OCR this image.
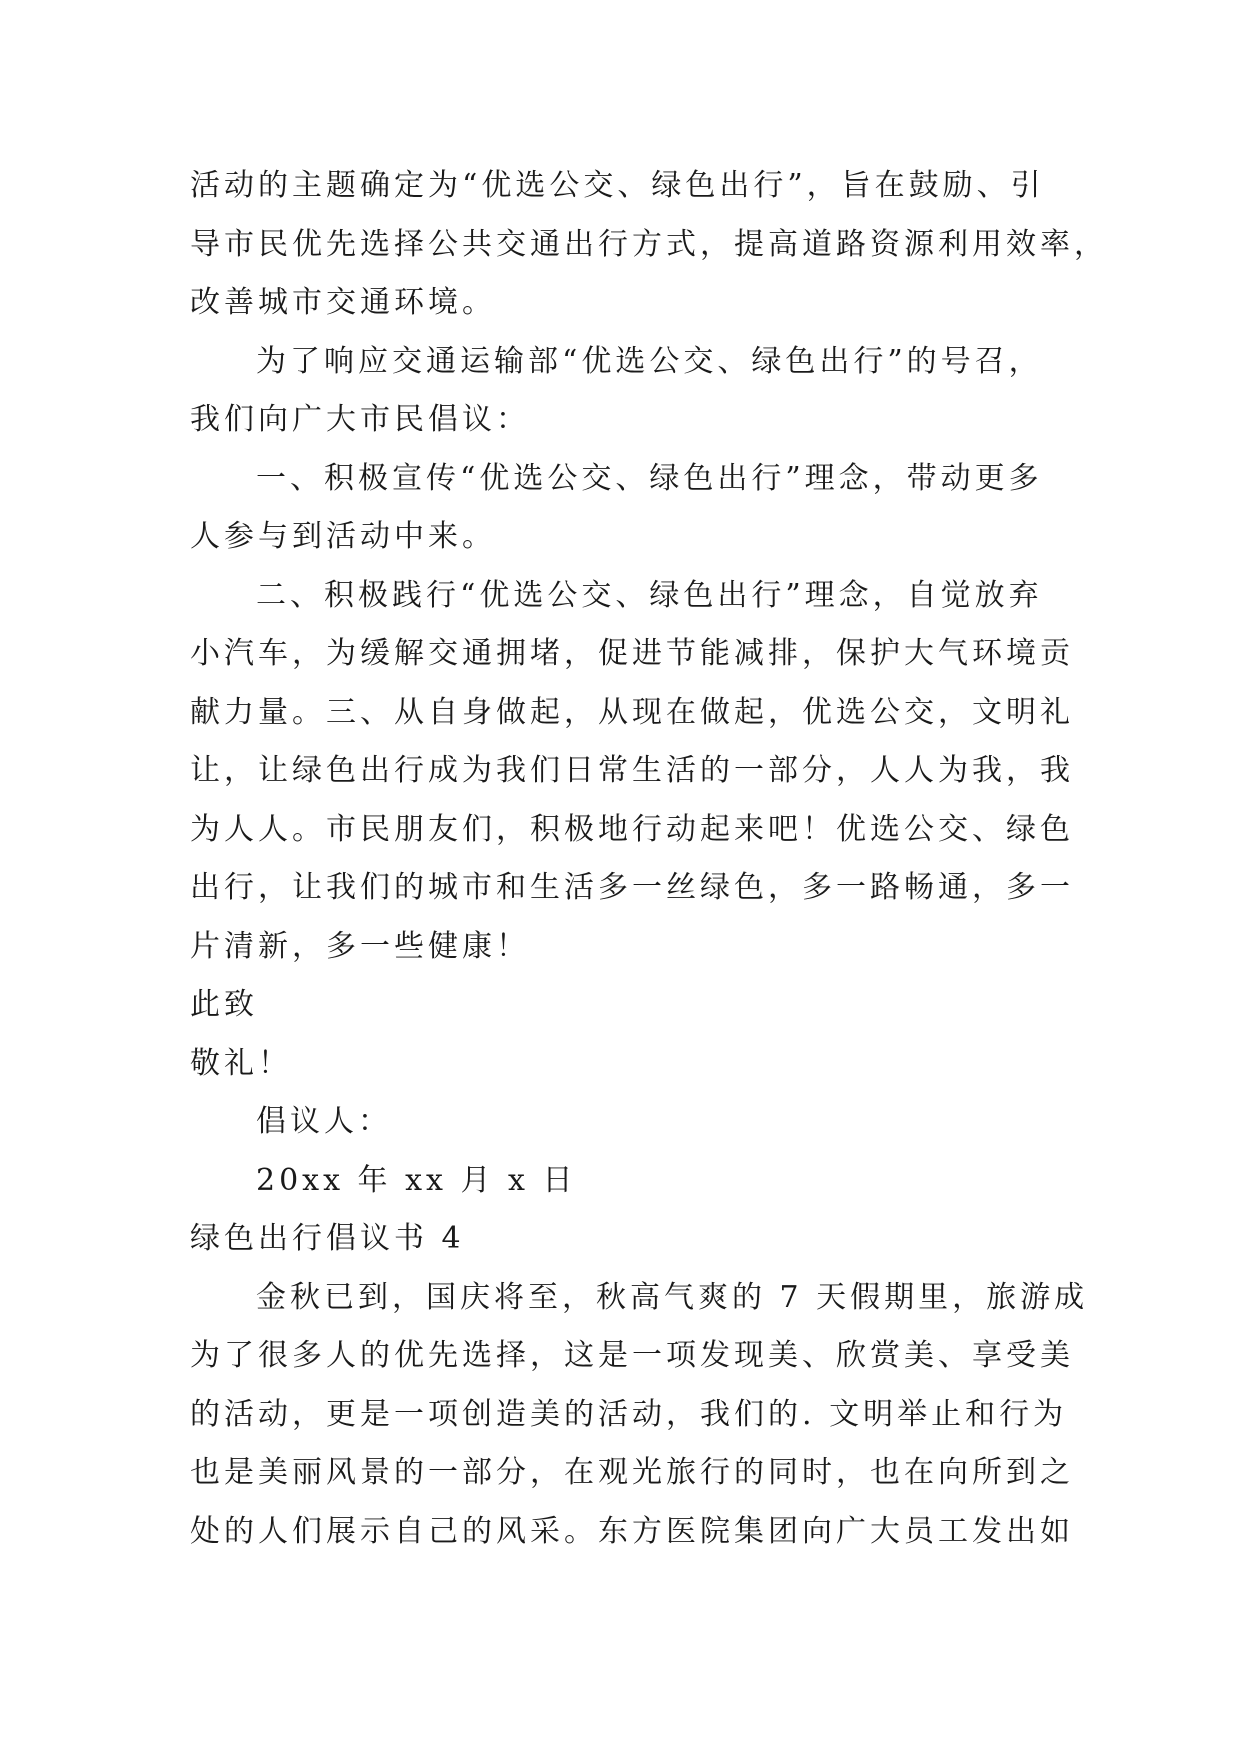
活动的主题确定为“优选公交、绿色出行”，旨在鼓励、引
导市民优先选择公共交通出行方式，提高道路资源利用效率，
改善城市交通环境。
为了响应交通运输部“优选公交、绿色出行”的号召，
我们向广大市民倡议：
一、积极宣传“优选公交、绿色出行”理念，带动更多
人参与到活动中来。
二、积极践行“优选公交、绿色出行”理念，自觉放弃
小汽车，为缓解交通拥堵，促进节能减排，保护大气环境贡
献力量。三、从自身做起，从现在做起，优选公交，文明礼
让，让绿色出行成为我们日常生活的一部分，人人为我，我
为人人。市民朋友们，积极地行动起来吧！优选公交、绿色
出行，让我们的城市和生活多一丝绿色，多一路畅通，多一
片清新，多一些健康！
此致
敬礼！
倡议人：
20xx 年 xx 月 x 日
绿色出行倡议书 4
金秋已到，国庆将至，秋高气爽的 7 天假期里，旅游成
为了很多人的优先选择，这是一项发现美、欣赏美、享受美
的活动，更是一项创造美的活动，我们的. 文明举止和行为
也是美丽风景的一部分，在观光旅行的同时，也在向所到之
处的人们展示自己的风采。东方医院集团向广大员工发出如
